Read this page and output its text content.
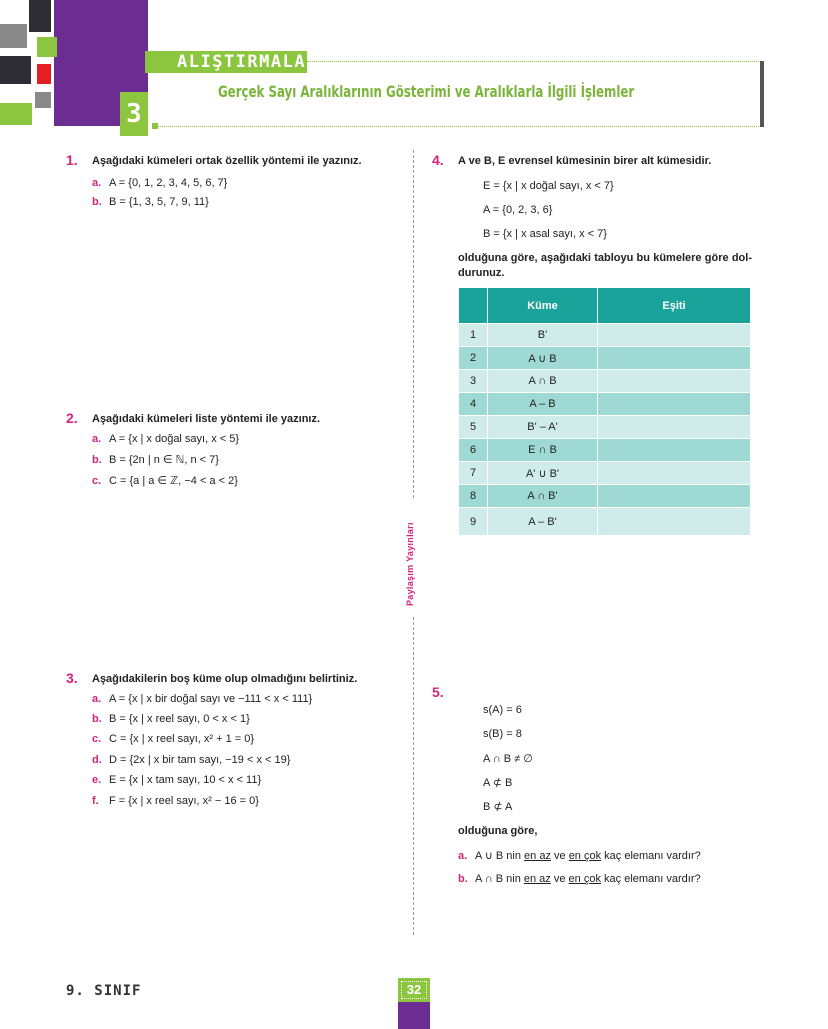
ALIŞTIRMALAR
Gerçek Sayı Aralıklarının Gösterimi ve Aralıklarla İlgili İşlemler
3
1. Aşağıdaki kümeleri ortak özellik yöntemi ile yazınız.
a. A = {0, 1, 2, 3, 4, 5, 6, 7}
b. B = {1, 3, 5, 7, 9, 11}
2. Aşağıdaki kümeleri liste yöntemi ile yazınız.
a. A = {x | x doğal sayı, x < 5}
b. B = {2n | n ∈ ℕ, n < 7}
c. C = {a | a ∈ ℤ, −4 < a < 2}
3. Aşağıdakilerin boş küme olup olmadığını belirtiniz.
a. A = {x | x bir doğal sayı ve −111 < x < 111}
b. B = {x | x reel sayı, 0 < x < 1}
c. C = {x | x reel sayı, x² + 1 = 0}
d. D = {2x | x bir tam sayı, −19 < x < 19}
e. E = {x | x tam sayı, 10 < x < 11}
f. F = {x | x reel sayı, x² − 16 = 0}
Paylaşım Yayınları
4. A ve B, E evrensel kümesinin birer alt kümesidir.
E = {x | x doğal sayı, x < 7}
A = {0, 2, 3, 6}
B = {x | x asal sayı, x < 7}
olduğuna göre, aşağıdaki tabloyu bu kümelere göre dol-
durunuz.
	Küme	Eşiti
1	B'	
2	A ∪ B	
3	A ∩ B	
4	A – B	
5	B' – A'	
6	E ∩ B	
7	A' ∪ B'	
8	A ∩ B'	
9	A – B'	
5.
s(A) = 6
s(B) = 8
A ∩ B ≠ ∅
A ⊄ B
B ⊄ A
olduğuna göre,
a. A ∪ B nin en az ve en çok kaç elemanı vardır?
b. A ∩ B nin en az ve en çok kaç elemanı vardır?
9. SINIF	32
